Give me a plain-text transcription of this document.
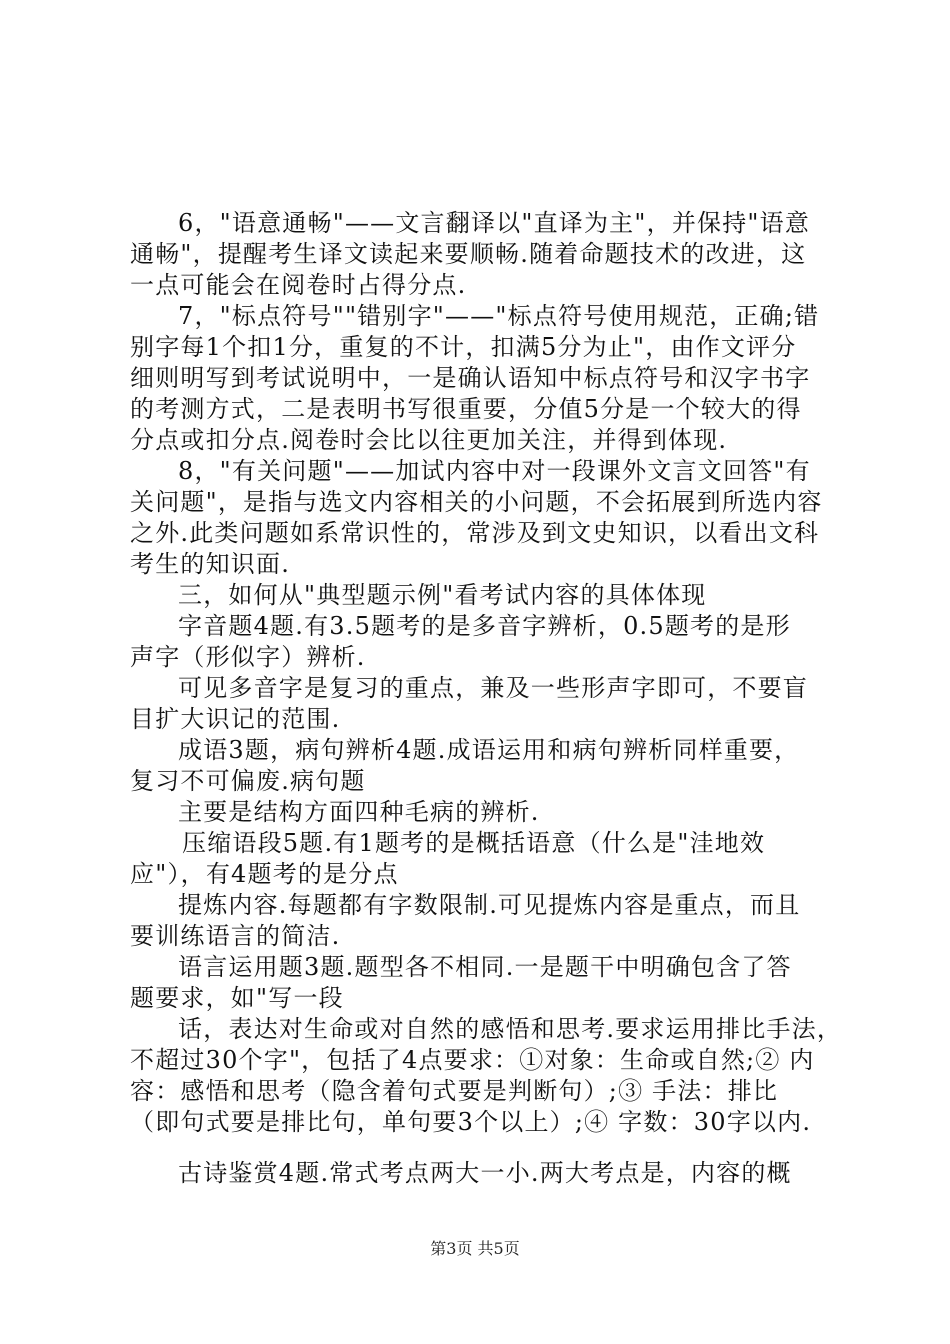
6，"语意通畅"——文言翻译以"直译为主"，并保持"语意
通畅"，提醒考生译文读起来要顺畅.随着命题技术的改进，这
一点可能会在阅卷时占得分点.
7，"标点符号""错别字"——"标点符号使用规范，正确;错
别字每1个扣1分，重复的不计，扣满5分为止"，由作文评分
细则明写到考试说明中，一是确认语知中标点符号和汉字书字
的考测方式，二是表明书写很重要，分值5分是一个较大的得
分点或扣分点.阅卷时会比以往更加关注，并得到体现.
8，"有关问题"——加试内容中对一段课外文言文回答"有
关问题"，是指与选文内容相关的小问题，不会拓展到所选内容
之外.此类问题如系常识性的，常涉及到文史知识，以看出文科
考生的知识面.
三，如何从"典型题示例"看考试内容的具体体现
字音题4题.有3.5题考的是多音字辨析，0.5题考的是形
声字（形似字）辨析.
可见多音字是复习的重点，兼及一些形声字即可，不要盲
目扩大识记的范围.
成语3题，病句辨析4题.成语运用和病句辨析同样重要，
复习不可偏废.病句题
主要是结构方面四种毛病的辨析.
压缩语段5题.有1题考的是概括语意（什么是"洼地效
应"），有4题考的是分点
提炼内容.每题都有字数限制.可见提炼内容是重点，而且
要训练语言的简洁.
语言运用题3题.题型各不相同.一是题干中明确包含了答
题要求，如"写一段
话，表达对生命或对自然的感悟和思考.要求运用排比手法，
不超过30个字"，包括了4点要求：①对象：生命或自然;② 内
容：感悟和思考（隐含着句式要是判断句）;③ 手法：排比
（即句式要是排比句，单句要3个以上）;④ 字数：30字以内.
古诗鉴赏4题.常式考点两大一小.两大考点是，内容的概
第3页 共5页
